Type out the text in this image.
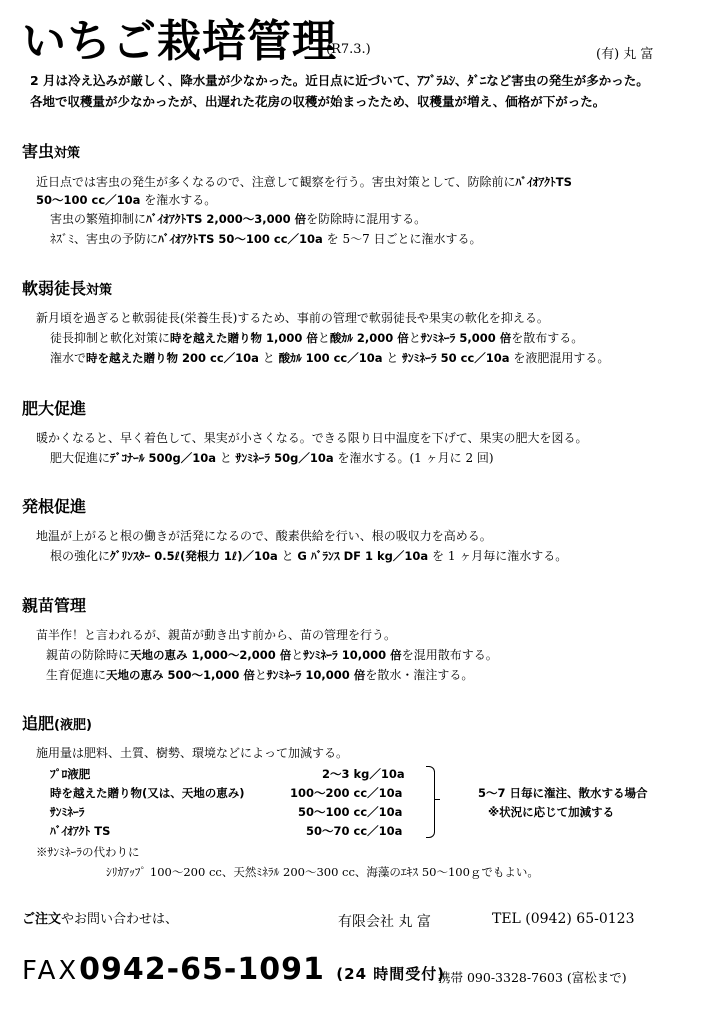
いちご栽培管理
(R7.3.)	(有) 丸 富
2 月は冷え込みが厳しく、降水量が少なかった。近日点に近づいて、ｱﾌﾞﾗﾑｼ、ﾀﾞﾆなど害虫の発生が多かった。
各地で収穫量が少なかったが、出遅れた花房の収穫が始まったため、収穫量が増え、価格が下がった。
害虫対策
近日点では害虫の発生が多くなるので、注意して観察を行う。害虫対策として、防除前にﾊﾞｲｵｱｸﾄTS
50～100 cc／10a を潅水する。
害虫の繁殖抑制にﾊﾞｲｵｱｸﾄTS 2,000～3,000 倍を防除時に混用する。
ﾈｽﾞﾐ、害虫の予防にﾊﾞｲｵｱｸﾄTS 50～100 cc／10a を 5～7 日ごとに潅水する。
軟弱徒長対策
新月頃を過ぎると軟弱徒長(栄養生長)するため、事前の管理で軟弱徒長や果実の軟化を抑える。
徒長抑制と軟化対策に時を越えた贈り物 1,000 倍と酸ｶﾙ 2,000 倍とｻﾝﾐﾈｰﾗ 5,000 倍を散布する。
潅水で時を越えた贈り物 200 cc／10a と 酸ｶﾙ 100 cc／10a と ｻﾝﾐﾈｰﾗ 50 cc／10a を液肥混用する。
肥大促進
暖かくなると、早く着色して、果実が小さくなる。できる限り日中温度を下げて、果実の肥大を図る。
肥大促進にﾃﾞｺﾅｰﾙ 500g／10a と ｻﾝﾐﾈｰﾗ 50g／10a を潅水する。(1 ヶ月に 2 回)
発根促進
地温が上がると根の働きが活発になるので、酸素供給を行い、根の吸収力を高める。
根の強化にｸﾞﾘﾝｽﾀｰ 0.5ℓ(発根力 1ℓ)／10a と G ﾊﾞﾗﾝｽ DF 1 kg／10a を 1 ヶ月毎に潅水する。
親苗管理
苗半作！と言われるが、親苗が動き出す前から、苗の管理を行う。
親苗の防除時に天地の恵み 1,000～2,000 倍とｻﾝﾐﾈｰﾗ 10,000 倍を混用散布する。
生育促進に天地の恵み 500～1,000 倍とｻﾝﾐﾈｰﾗ 10,000 倍を散水・潅注する。
追肥(液肥)
施用量は肥料、土質、樹勢、環境などによって加減する。
ﾌﾟﾛ液肥	2～3 kg／10a
時を越えた贈り物(又は、天地の恵み)	100～200 cc／10a
ｻﾝﾐﾈｰﾗ	50～100 cc／10a
ﾊﾞｲｵｱｸﾄ TS	50～70 cc／10a
5～7 日毎に潅注、散水する場合
※状況に応じて加減する
※ｻﾝﾐﾈｰﾗの代わりに
ｼﾘｶｱｯﾌﾟ 100～200 cc、天然ﾐﾈﾗﾙ 200～300 cc、海藻のｴｷｽ 50～100ｇでもよい。
ご注文やお問い合わせは、	有限会社 丸 富	TEL (0942) 65-0123
FAX0942-65-1091 (24 時間受付)
携帯 090-3328-7603 (富松まで)
